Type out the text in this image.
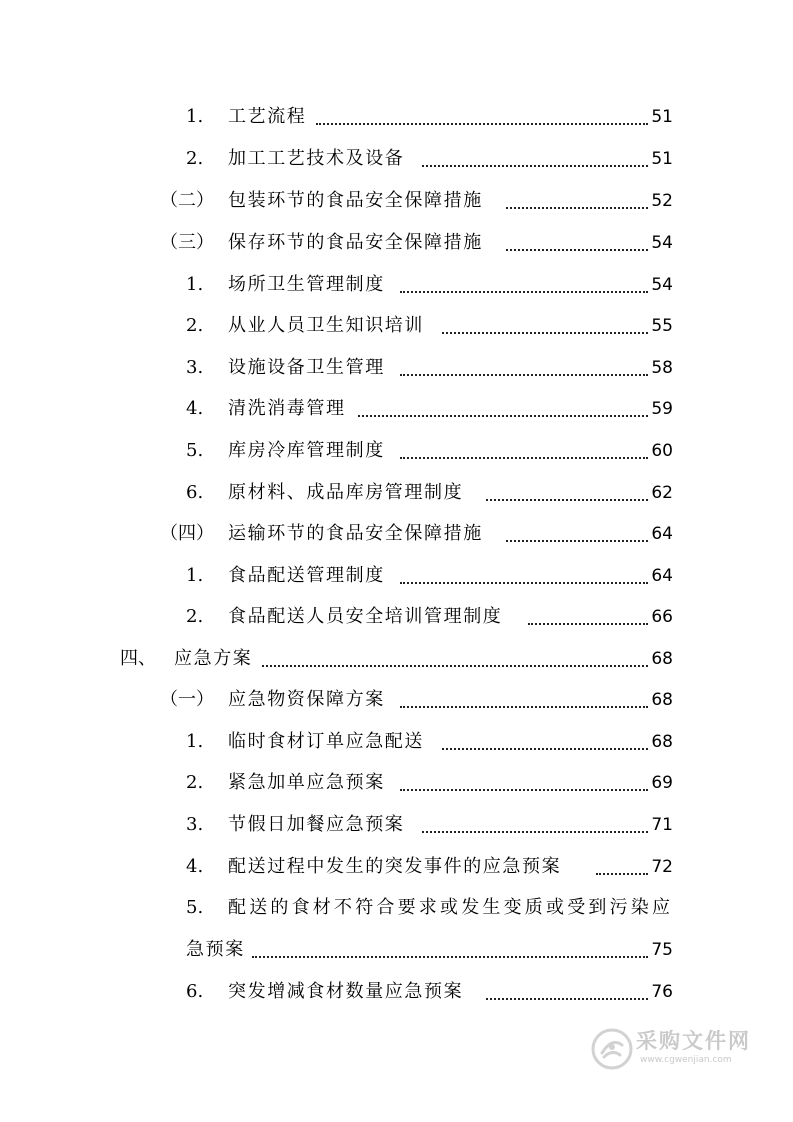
1. 工艺流程	51
2. 加工工艺技术及设备	51
（二） 包装环节的食品安全保障措施	52
（三） 保存环节的食品安全保障措施	54
1. 场所卫生管理制度	54
2. 从业人员卫生知识培训	55
3. 设施设备卫生管理	58
4. 清洗消毒管理	59
5. 库房冷库管理制度	60
6. 原材料、成品库房管理制度	62
（四） 运输环节的食品安全保障措施	64
1. 食品配送管理制度	64
2. 食品配送人员安全培训管理制度	66
四、 应急方案	68
（一） 应急物资保障方案	68
1. 临时食材订单应急配送	68
2. 紧急加单应急预案	69
3. 节假日加餐应急预案	71
4. 配送过程中发生的突发事件的应急预案	72
5. 配送的食材不符合要求或发生变质或受到污染应
急预案	75
6. 突发增减食材数量应急预案	76
采购文件网
www.cgwenjian.com
